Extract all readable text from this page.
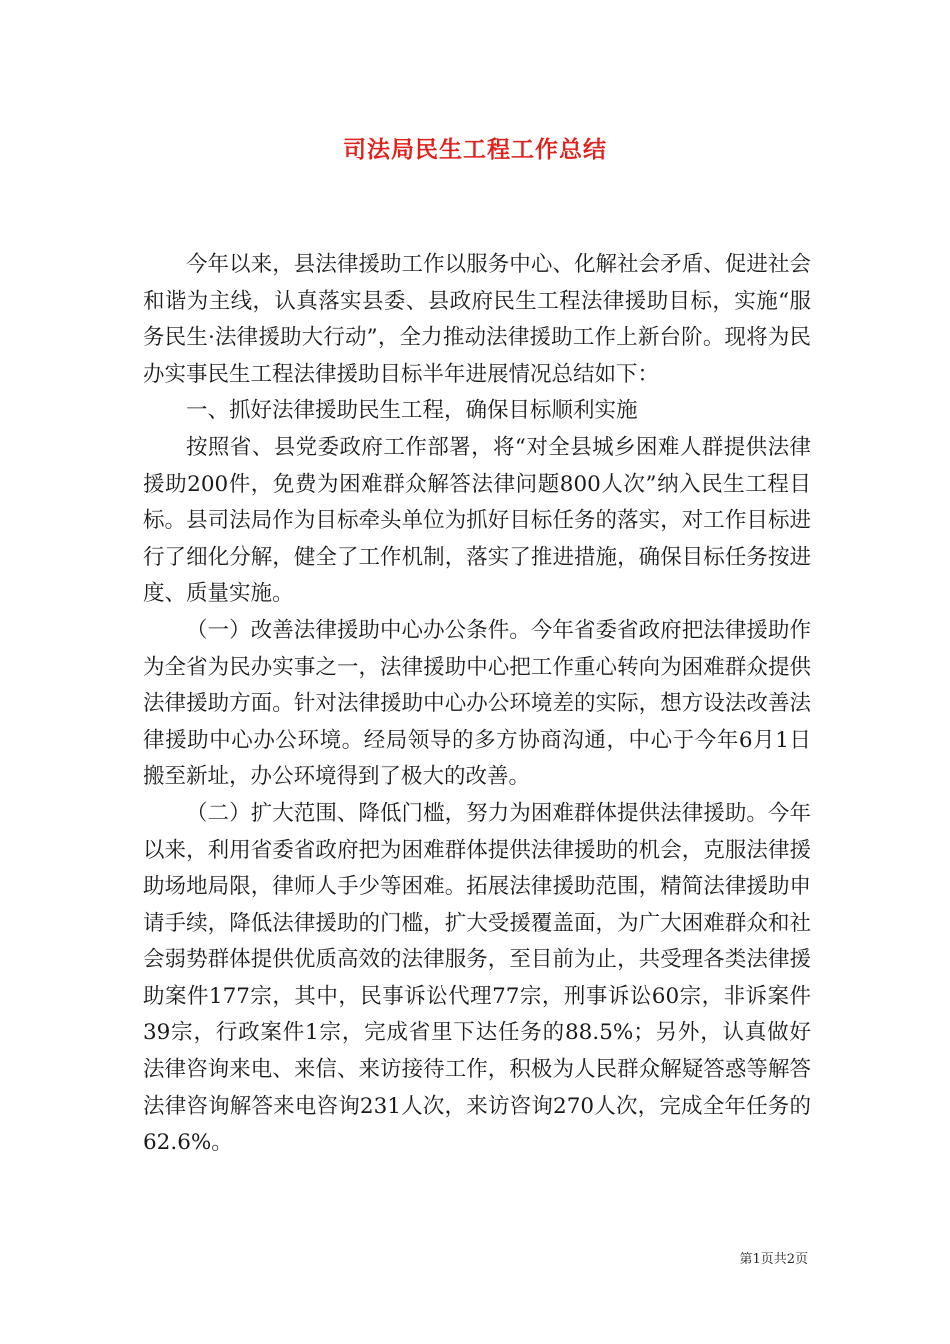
司法局民生工程工作总结

今年以来，县法律援助工作以服务中心、化解社会矛盾、促进社会和谐为主线，认真落实县委、县政府民生工程法律援助目标，实施“服务民生·法律援助大行动”，全力推动法律援助工作上新台阶。现将为民办实事民生工程法律援助目标半年进展情况总结如下：

一、抓好法律援助民生工程，确保目标顺利实施

按照省、县党委政府工作部署，将“对全县城乡困难人群提供法律援助200件，免费为困难群众解答法律问题800人次”纳入民生工程目标。县司法局作为目标牵头单位为抓好目标任务的落实，对工作目标进行了细化分解，健全了工作机制，落实了推进措施，确保目标任务按进度、质量实施。

（一）改善法律援助中心办公条件。今年省委省政府把法律援助作为全省为民办实事之一，法律援助中心把工作重心转向为困难群众提供法律援助方面。针对法律援助中心办公环境差的实际，想方设法改善法律援助中心办公环境。经局领导的多方协商沟通，中心于今年6月1日搬至新址，办公环境得到了极大的改善。

（二）扩大范围、降低门槛，努力为困难群体提供法律援助。今年以来，利用省委省政府把为困难群体提供法律援助的机会，克服法律援助场地局限，律师人手少等困难。拓展法律援助范围，精简法律援助申请手续，降低法律援助的门槛，扩大受援覆盖面，为广大困难群众和社会弱势群体提供优质高效的法律服务，至目前为止，共受理各类法律援助案件177宗，其中，民事诉讼代理77宗，刑事诉讼60宗，非诉案件39宗，行政案件1宗，完成省里下达任务的88.5%；另外，认真做好法律咨询来电、来信、来访接待工作，积极为人民群众解疑答惑等解答法律咨询解答来电咨询231人次，来访咨询270人次，完成全年任务的62.6%。

第1页共2页
